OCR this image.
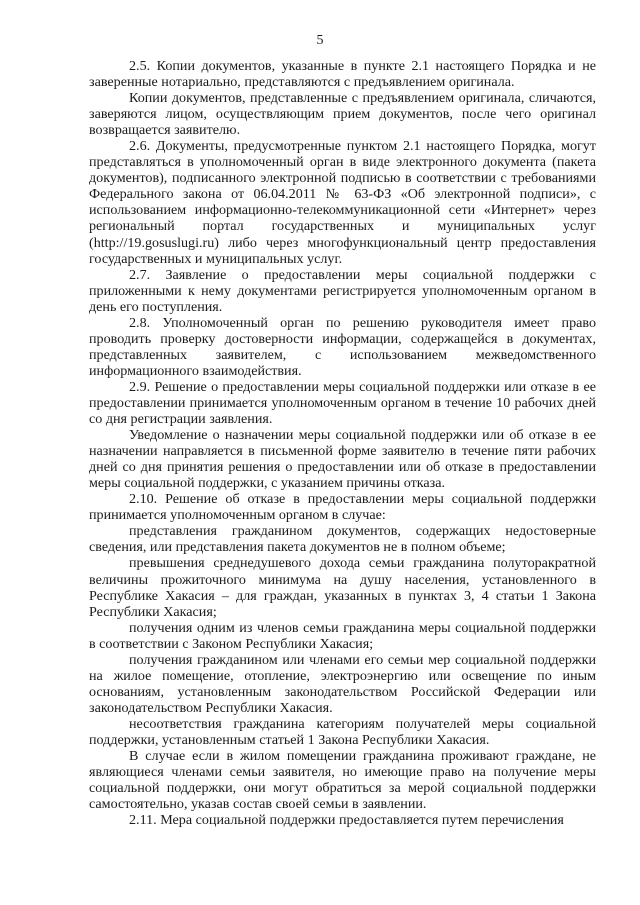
5

2.5. Копии документов, указанные в пункте 2.1 настоящего Порядка и не заверенные нотариально, представляются с предъявлением оригинала.

Копии документов, представленные с предъявлением оригинала, сличаются, заверяются лицом, осуществляющим прием документов, после чего оригинал возвращается заявителю.

2.6. Документы, предусмотренные пунктом 2.1 настоящего Порядка, могут представляться в уполномоченный орган в виде электронного документа (пакета документов), подписанного электронной подписью в соответствии с требованиями Федерального закона от 06.04.2011 № 63-ФЗ «Об электронной подписи», с использованием информационно-телекоммуникационной сети «Интернет» через региональный портал государственных и муниципальных услуг (http://19.gosuslugi.ru) либо через многофункциональный центр предоставления государственных и муниципальных услуг.

2.7. Заявление о предоставлении меры социальной поддержки с приложенными к нему документами регистрируется уполномоченным органом в день его поступления.

2.8. Уполномоченный орган по решению руководителя имеет право проводить проверку достоверности информации, содержащейся в документах, представленных заявителем, с использованием межведомственного информационного взаимодействия.

2.9. Решение о предоставлении меры социальной поддержки или отказе в ее предоставлении принимается уполномоченным органом в течение 10 рабочих дней со дня регистрации заявления.

Уведомление о назначении меры социальной поддержки или об отказе в ее назначении направляется в письменной форме заявителю в течение пяти рабочих дней со дня принятия решения о предоставлении или об отказе в предоставлении меры социальной поддержки, с указанием причины отказа.

2.10. Решение об отказе в предоставлении меры социальной поддержки принимается уполномоченным органом в случае:

представления гражданином документов, содержащих недостоверные сведения, или представления пакета документов не в полном объеме;

превышения среднедушевого дохода семьи гражданина полуторакратной величины прожиточного минимума на душу населения, установленного в Республике Хакасия – для граждан, указанных в пунктах 3, 4 статьи 1 Закона Республики Хакасия;

получения одним из членов семьи гражданина меры социальной поддержки в соответствии с Законом Республики Хакасия;

получения гражданином или членами его семьи мер социальной поддержки на жилое помещение, отопление, электроэнергию или освещение по иным основаниям, установленным законодательством Российской Федерации или законодательством Республики Хакасия.

несоответствия гражданина категориям получателей меры социальной поддержки, установленным статьей 1 Закона Республики Хакасия.

В случае если в жилом помещении гражданина проживают граждане, не являющиеся членами семьи заявителя, но имеющие право на получение меры социальной поддержки, они могут обратиться за мерой социальной поддержки самостоятельно, указав состав своей семьи в заявлении.

2.11. Мера социальной поддержки предоставляется путем перечисления
